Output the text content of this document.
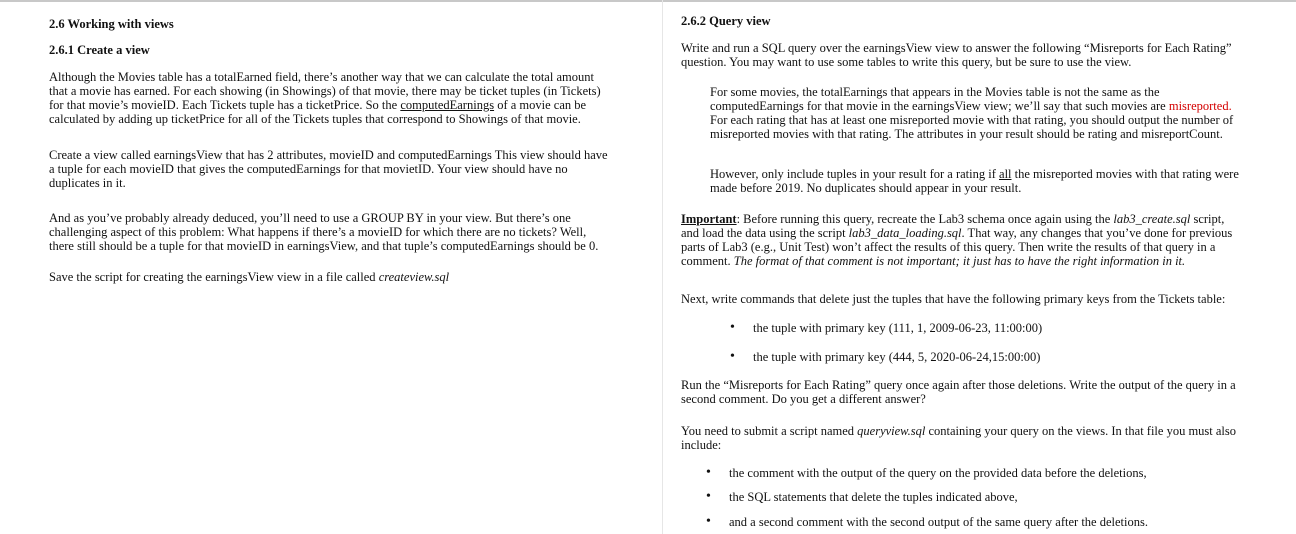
2.6 Working with views
2.6.1 Create a view
Although the Movies table has a totalEarned field, there’s another way that we can calculate the total amount
that a movie has earned. For each showing (in Showings) of that movie, there may be ticket tuples (in Tickets)
for that movie’s movieID. Each Tickets tuple has a ticketPrice. So the computedEarnings of a movie can be
calculated by adding up ticketPrice for all of the Tickets tuples that correspond to Showings of that movie.
Create a view called earningsView that has 2 attributes, movieID and computedEarnings This view should have
a tuple for each movieID that gives the computedEarnings for that movietID. Your view should have no
duplicates in it.
And as you’ve probably already deduced, you’ll need to use a GROUP BY in your view. But there’s one
challenging aspect of this problem: What happens if there’s a movieID for which there are no tickets? Well,
there still should be a tuple for that movieID in earningsView, and that tuple’s computedEarnings should be 0.
Save the script for creating the earningsView view in a file called createview.sql
2.6.2 Query view
Write and run a SQL query over the earningsView view to answer the following “Misreports for Each Rating”
question. You may want to use some tables to write this query, but be sure to use the view.
For some movies, the totalEarnings that appears in the Movies table is not the same as the
computedEarnings for that movie in the earningsView view; we’ll say that such movies are misreported.
For each rating that has at least one misreported movie with that rating, you should output the number of
misreported movies with that rating. The attributes in your result should be rating and misreportCount.
However, only include tuples in your result for a rating if all the misreported movies with that rating were
made before 2019. No duplicates should appear in your result.
Important: Before running this query, recreate the Lab3 schema once again using the lab3_create.sql script,
and load the data using the script lab3_data_loading.sql. That way, any changes that you’ve done for previous
parts of Lab3 (e.g., Unit Test) won’t affect the results of this query. Then write the results of that query in a
comment. The format of that comment is not important; it just has to have the right information in it.
Next, write commands that delete just the tuples that have the following primary keys from the Tickets table:
• the tuple with primary key (111, 1, 2009-06-23, 11:00:00)
• the tuple with primary key (444, 5, 2020-06-24,15:00:00)
Run the “Misreports for Each Rating” query once again after those deletions. Write the output of the query in a
second comment. Do you get a different answer?
You need to submit a script named queryview.sql containing your query on the views. In that file you must also
include:
• the comment with the output of the query on the provided data before the deletions,
• the SQL statements that delete the tuples indicated above,
• and a second comment with the second output of the same query after the deletions.
